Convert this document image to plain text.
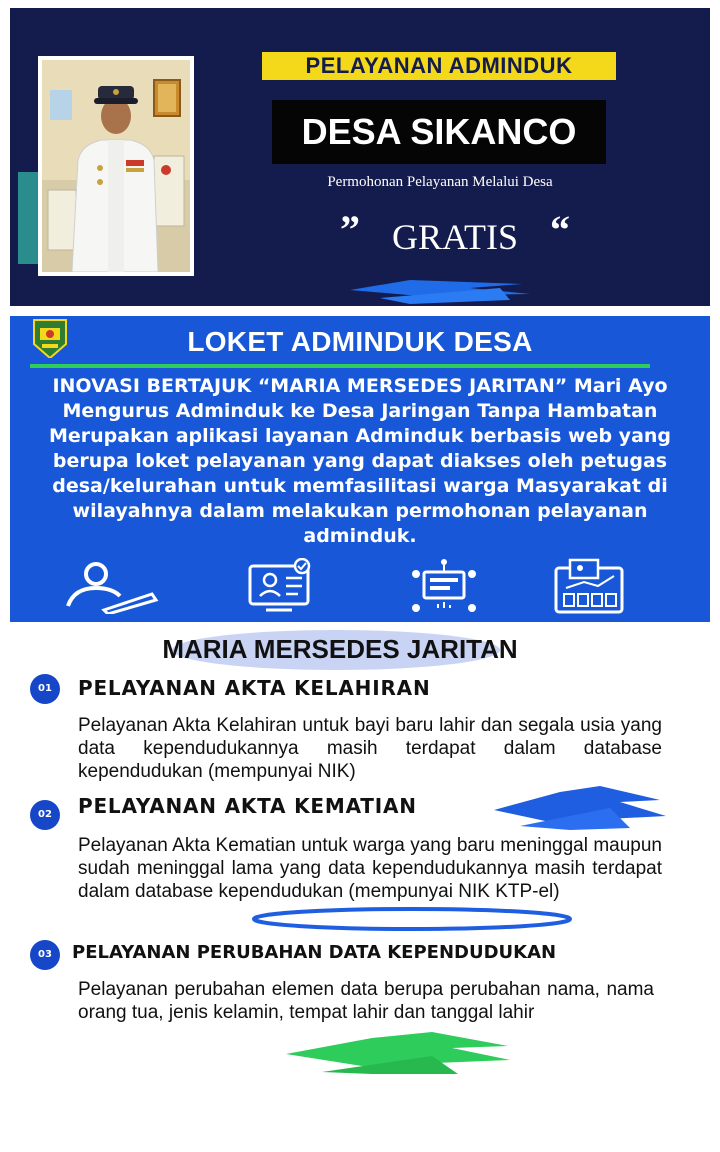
PELAYANAN ADMINDUK
DESA SIKANCO
Permohonan Pelayanan Melalui Desa
” GRATIS “
LOKET ADMINDUK DESA
INOVASI BERTAJUK “MARIA MERSEDES JARITAN” Mari Ayo Mengurus Adminduk ke Desa Jaringan Tanpa Hambatan Merupakan aplikasi layanan Adminduk berbasis web yang berupa loket pelayanan yang dapat diakses oleh petugas desa/kelurahan untuk memfasilitasi warga Masyarakat di wilayahnya dalam melakukan permohonan pelayanan adminduk.
MARIA MERSEDES JARITAN
01	PELAYANAN AKTA KELAHIRAN
Pelayanan Akta Kelahiran untuk bayi baru lahir dan segala usia yang data kependudukannya masih terdapat dalam database kependudukan (mempunyai NIK)
02	PELAYANAN AKTA KEMATIAN
Pelayanan Akta Kematian untuk warga yang baru meninggal maupun sudah meninggal lama yang data kependudukannya masih terdapat dalam database kependudukan (mempunyai NIK KTP-el)
03	PELAYANAN PERUBAHAN DATA KEPENDUDUKAN
Pelayanan perubahan elemen data berupa perubahan nama, nama orang tua, jenis kelamin, tempat lahir dan tanggal lahir
